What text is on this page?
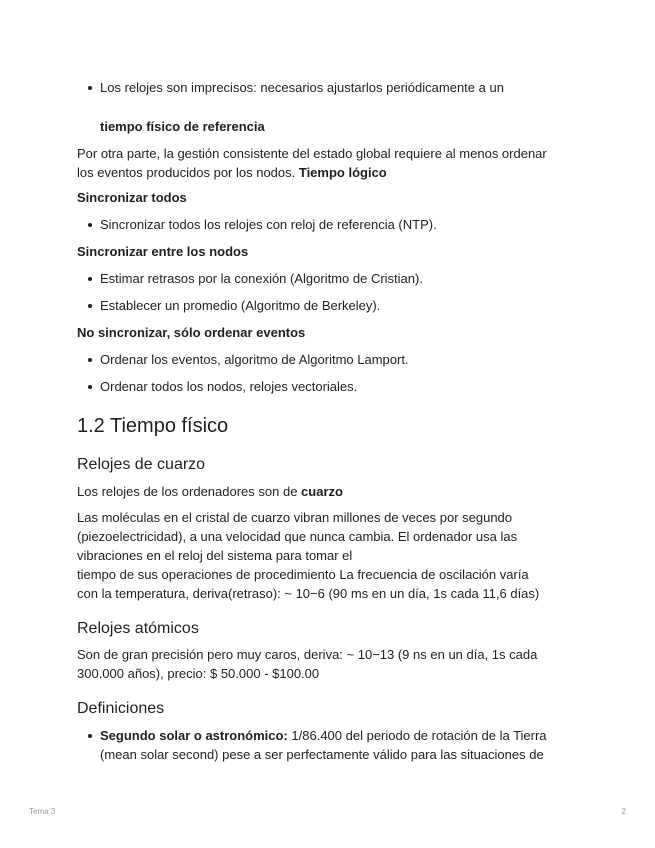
Los relojes son imprecisos: necesarios ajustarlos periódicamente a un
tiempo físico de referencia
Por otra parte, la gestión consistente del estado global requiere al menos ordenar
los eventos producidos por los nodos. Tiempo lógico
Sincronizar todos
Sincronizar todos los relojes con reloj de referencia (NTP).
Sincronizar entre los nodos
Estimar retrasos por la conexión (Algoritmo de Cristian).
Establecer un promedio (Algoritmo de Berkeley).
No sincronizar, sólo ordenar eventos
Ordenar los eventos, algoritmo de Algoritmo Lamport.
Ordenar todos los nodos, relojes vectoriales.
1.2 Tiempo físico
Relojes de cuarzo
Los relojes de los ordenadores son de cuarzo
Las moléculas en el cristal de cuarzo vibran millones de veces por segundo
(piezoelectricidad), a una velocidad que nunca cambia. El ordenador usa las
vibraciones en el reloj del sistema para tomar el
tiempo de sus operaciones de procedimiento La frecuencia de oscilación varía
con la temperatura, deriva(retraso): ~ 10−6 (90 ms en un día, 1s cada 11,6 días)
Relojes atómicos
Son de gran precisión pero muy caros, deriva: ~ 10−13 (9 ns en un día, 1s cada
300.000 años), precio: $ 50.000 - $100.00
Definiciones
Segundo solar o astronómico: 1/86.400 del periodo de rotación de la Tierra
(mean solar second) pese a ser perfectamente válido para las situaciones de
Tema 3	2
